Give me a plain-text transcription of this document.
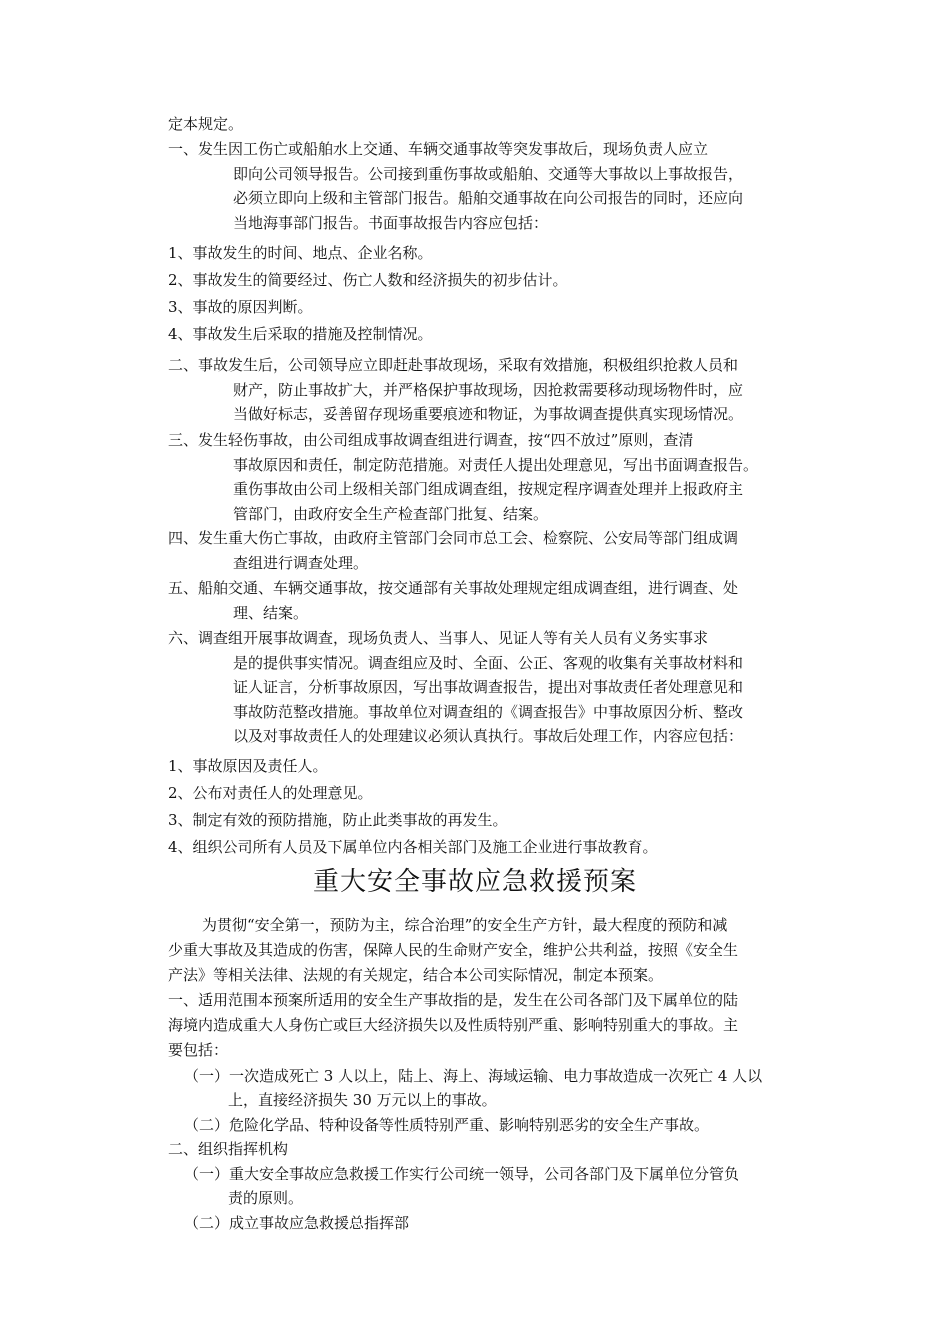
定本规定。
一、发生因工伤亡或船舶水上交通、车辆交通事故等突发事故后，现场负责人应立
即向公司领导报告。公司接到重伤事故或船舶、交通等大事故以上事故报告，
必须立即向上级和主管部门报告。船舶交通事故在向公司报告的同时，还应向
当地海事部门报告。书面事故报告内容应包括：
1、事故发生的时间、地点、企业名称。
2、事故发生的简要经过、伤亡人数和经济损失的初步估计。
3、事故的原因判断。
4、事故发生后采取的措施及控制情况。
二、事故发生后，公司领导应立即赶赴事故现场，采取有效措施，积极组织抢救人员和
财产，防止事故扩大，并严格保护事故现场，因抢救需要移动现场物件时，应
当做好标志，妥善留存现场重要痕迹和物证，为事故调查提供真实现场情况。
三、发生轻伤事故，由公司组成事故调查组进行调查，按“四不放过”原则，查清
事故原因和责任，制定防范措施。对责任人提出处理意见，写出书面调查报告。
重伤事故由公司上级相关部门组成调查组，按规定程序调查处理并上报政府主
管部门，由政府安全生产检查部门批复、结案。
四、发生重大伤亡事故，由政府主管部门会同市总工会、检察院、公安局等部门组成调
查组进行调查处理。
五、船舶交通、车辆交通事故，按交通部有关事故处理规定组成调查组，进行调查、处
理、结案。
六、调查组开展事故调查，现场负责人、当事人、见证人等有关人员有义务实事求
是的提供事实情况。调查组应及时、全面、公正、客观的收集有关事故材料和
证人证言，分析事故原因，写出事故调查报告，提出对事故责任者处理意见和
事故防范整改措施。事故单位对调查组的《调查报告》中事故原因分析、整改
以及对事故责任人的处理建议必须认真执行。事故后处理工作，内容应包括：
1、事故原因及责任人。
2、公布对责任人的处理意见。
3、制定有效的预防措施，防止此类事故的再发生。
4、组织公司所有人员及下属单位内各相关部门及施工企业进行事故教育。
重大安全事故应急救援预案
为贯彻“安全第一，预防为主，综合治理”的安全生产方针，最大程度的预防和减
少重大事故及其造成的伤害，保障人民的生命财产安全，维护公共利益，按照《安全生
产法》等相关法律、法规的有关规定，结合本公司实际情况，制定本预案。
一、适用范围本预案所适用的安全生产事故指的是，发生在公司各部门及下属单位的陆
海境内造成重大人身伤亡或巨大经济损失以及性质特别严重、影响特别重大的事故。主
要包括：
（一）一次造成死亡 3 人以上，陆上、海上、海域运输、电力事故造成一次死亡 4 人以
上，直接经济损失 30 万元以上的事故。
（二）危险化学品、特种设备等性质特别严重、影响特别恶劣的安全生产事故。
二、组织指挥机构
（一）重大安全事故应急救援工作实行公司统一领导，公司各部门及下属单位分管负
责的原则。
（二）成立事故应急救援总指挥部
